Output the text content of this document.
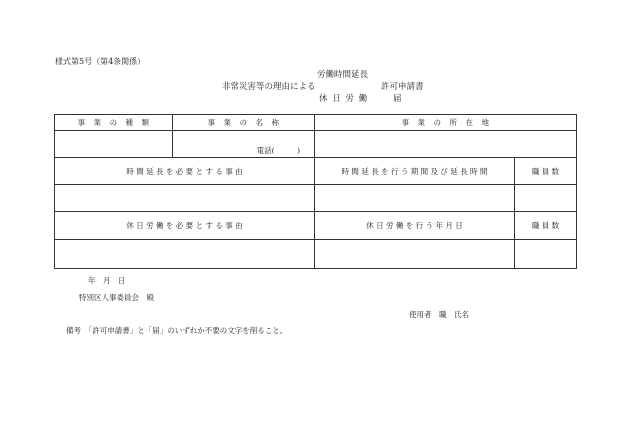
様式第5号（第4条関係）
労働時間延長
非常災害等の理由による	許可申請書
休 日 労 働	届
事　業　の　種　類	事　業　の　名　称	事　業　の　所　在　地	
	電話(　　　)		
時 間 延 長 を 必 要 と す る 事 由		時 間 延 長 を 行 う 期 間 及 び 延 長 時 間	職 員 数

休 日 労 働 を 必 要 と す る 事 由		休 日 労 働 を 行 う 年 月 日	職 員 数

年　月　日
特別区人事委員会　殿
使用者　職　氏名
備考　「許可申請書」と「届」のいずれか不要の文字を削ること。
